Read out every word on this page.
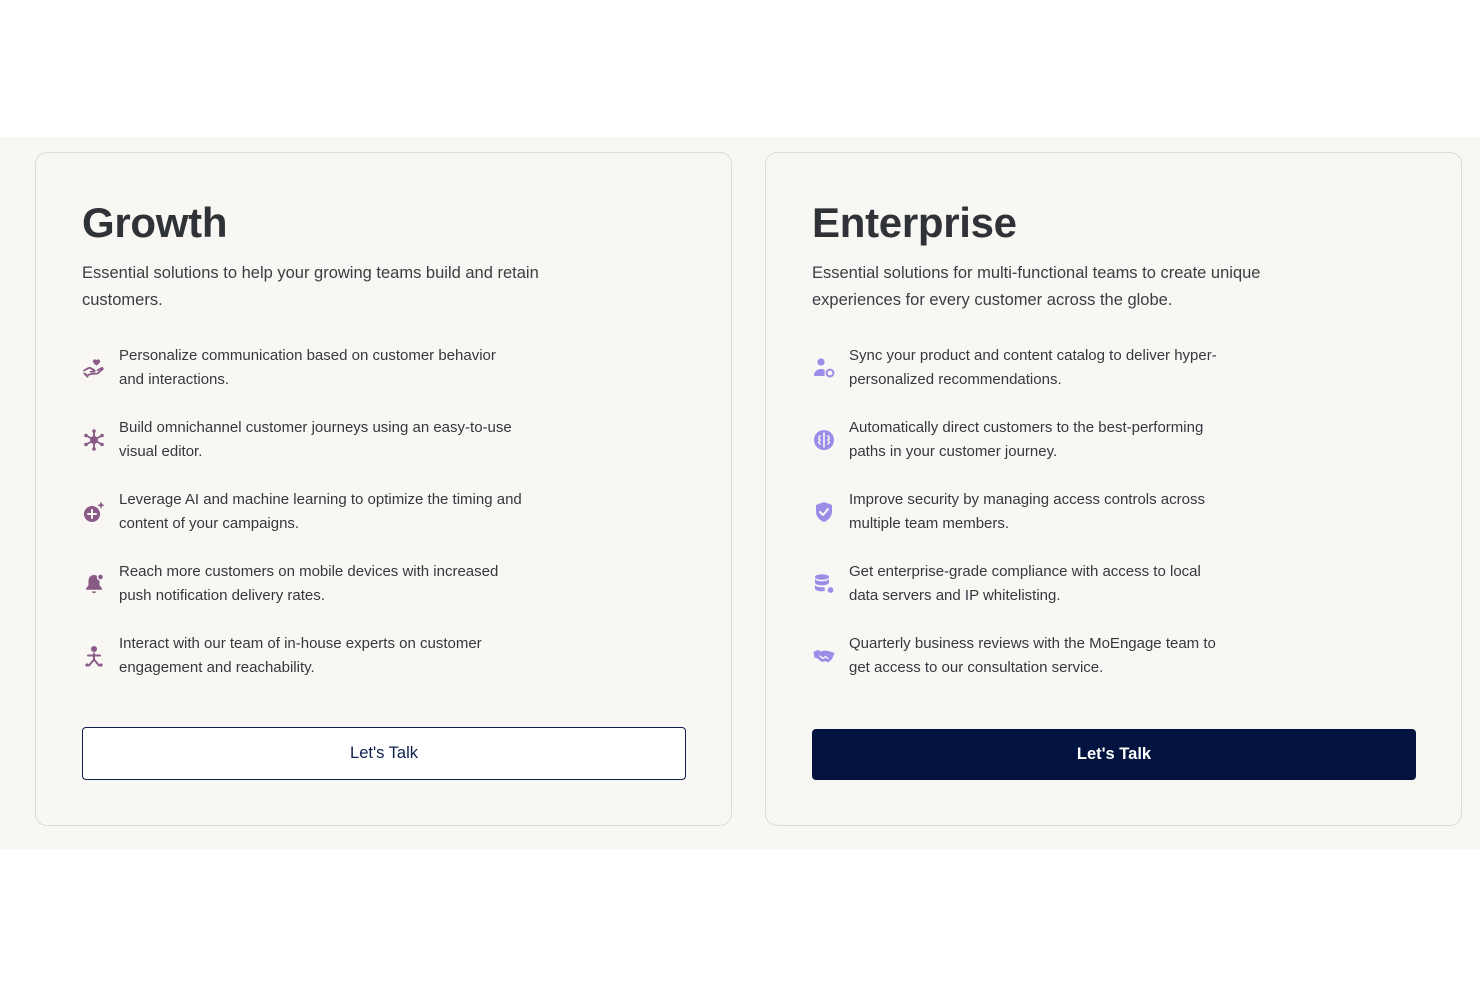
Growth

Essential solutions to help your growing teams build and retain customers.

Personalize communication based on customer behavior and interactions.
Build omnichannel customer journeys using an easy-to-use visual editor.
Leverage AI and machine learning to optimize the timing and content of your campaigns.
Reach more customers on mobile devices with increased push notification delivery rates.
Interact with our team of in-house experts on customer engagement and reachability.
Let's Talk
Enterprise

Essential solutions for multi-functional teams to create unique experiences for every customer across the globe.

Sync your product and content catalog to deliver hyper- personalized recommendations.
Automatically direct customers to the best-performing paths in your customer journey.
Improve security by managing access controls across multiple team members.
Get enterprise-grade compliance with access to local data servers and IP whitelisting.
Quarterly business reviews with the MoEngage team to get access to our consultation service.
Let's Talk
